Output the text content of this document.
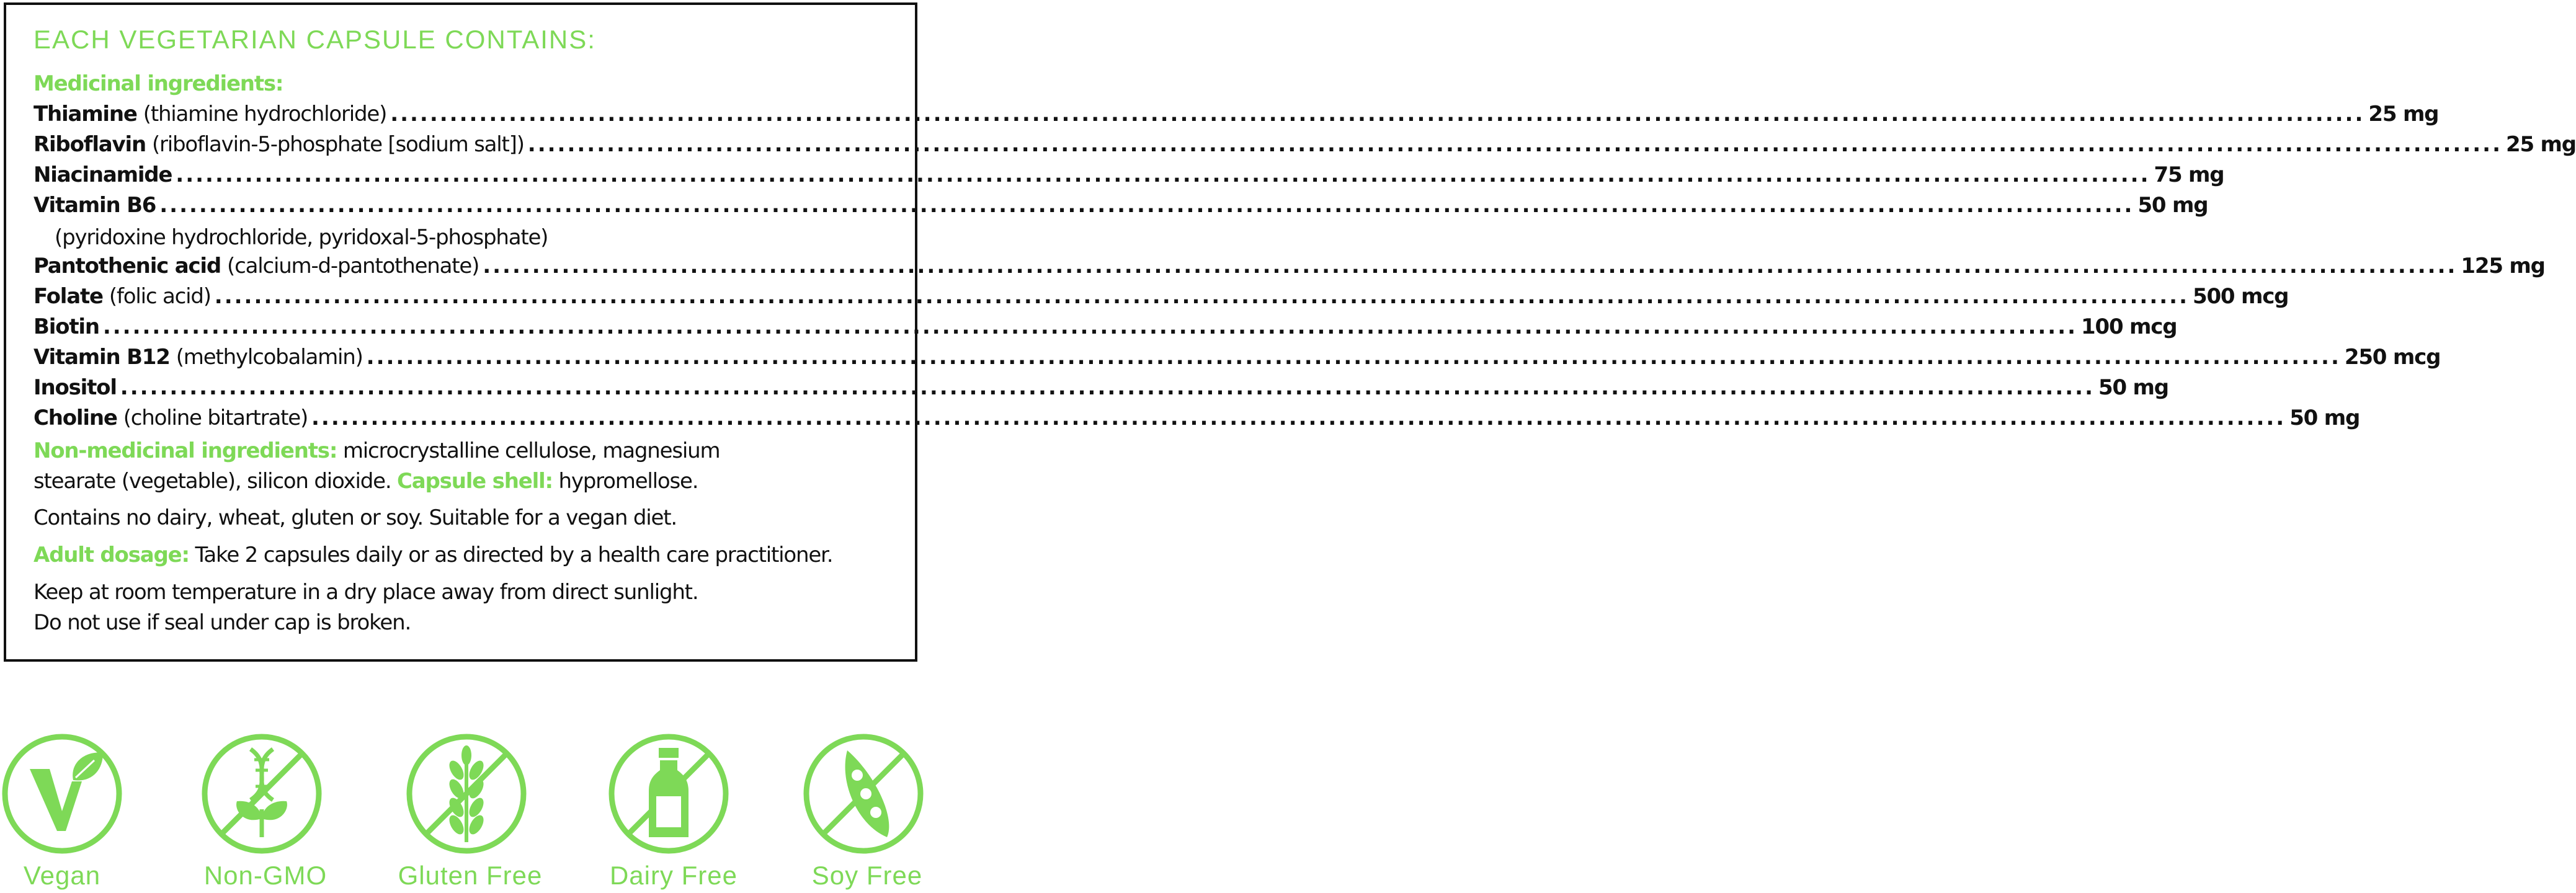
EACH VEGETARIAN CAPSULE CONTAINS:
Medicinal ingredients:
Thiamine (thiamine hydrochloride) ........................................................................................................................................................................................................ 25 mg
Riboflavin (riboflavin-5-phosphate [sodium salt]) ........................................................................................................................................................................................................ 25 mg
Niacinamide ........................................................................................................................................................................................................ 75 mg
Vitamin B6 ........................................................................................................................................................................................................ 50 mg
(pyridoxine hydrochloride, pyridoxal-5-phosphate)
Pantothenic acid (calcium-d-pantothenate) ........................................................................................................................................................................................................ 125 mg
Folate (folic acid) ........................................................................................................................................................................................................ 500 mcg
Biotin ........................................................................................................................................................................................................ 100 mcg
Vitamin B12 (methylcobalamin) ........................................................................................................................................................................................................ 250 mcg
Inositol ........................................................................................................................................................................................................ 50 mg
Choline (choline bitartrate) ........................................................................................................................................................................................................ 50 mg
Non-medicinal ingredients: microcrystalline cellulose, magnesium
stearate (vegetable), silicon dioxide. Capsule shell: hypromellose.
Contains no dairy, wheat, gluten or soy. Suitable for a vegan diet.
Adult dosage: Take 2 capsules daily or as directed by a health care practitioner.
Keep at room temperature in a dry place away from direct sunlight.
Do not use if seal under cap is broken.
Vegan	Non-GMO	Gluten Free	Dairy Free	Soy Free
